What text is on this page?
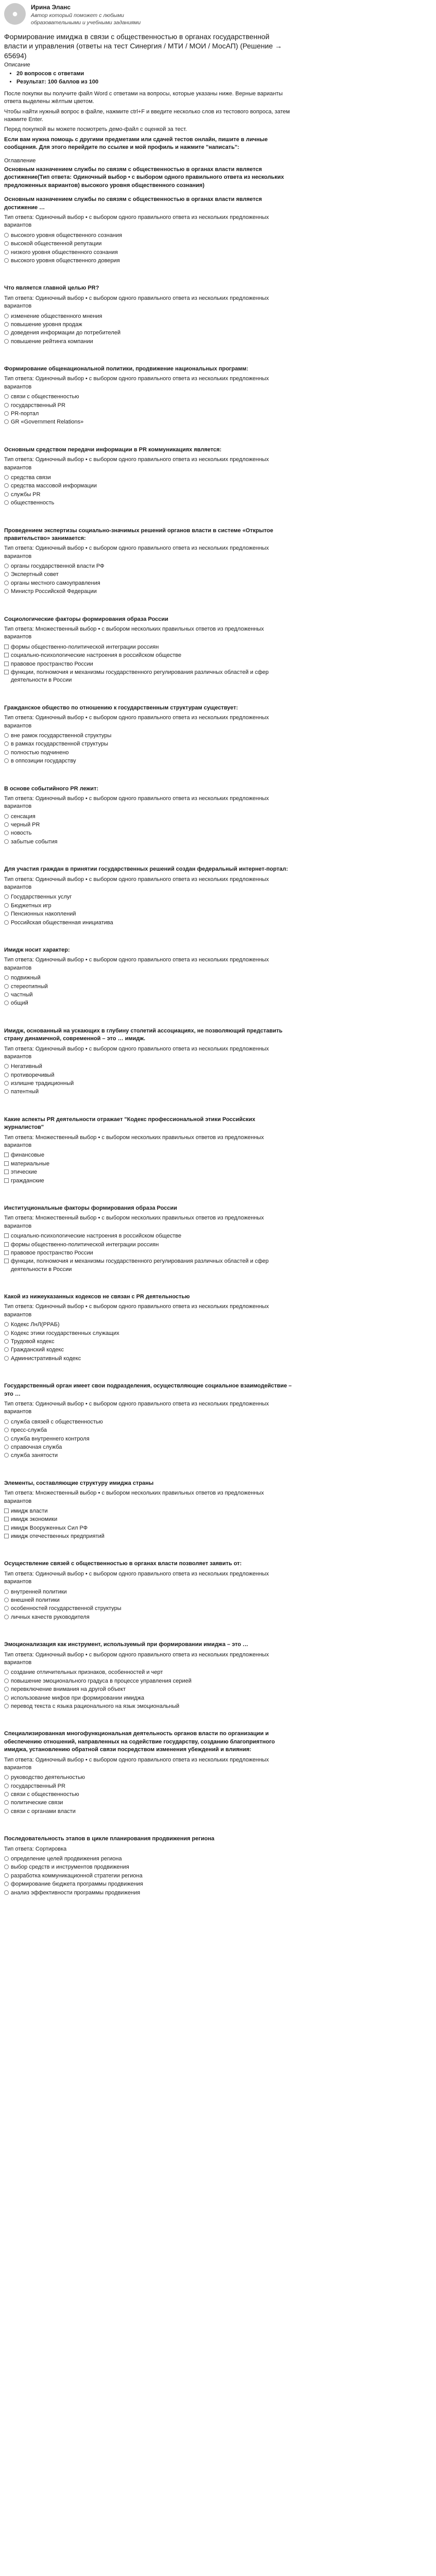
●
Ирина Эланс
Автор который поможет с любыми образовательными и учебными заданиями
Формирование имиджа в связи с общественностью в органах государственной власти и управления (ответы на тест Синергия / МТИ / МОИ / МосАП) (Решение → 65694)
Описание
• 20 вопросов с ответами
• Результат: 100 баллов из 100

После покупки вы получите файл Word с ответами на вопросы, которые указаны ниже. Верные варианты ответа выделены жёлтым цветом.

Чтобы найти нужный вопрос в файле, нажмите ctrl+F и введите несколько слов из тестового вопроса, затем нажмите Enter.

Перед покупкой вы можете посмотреть демо-файл с оценкой за тест.

Если вам нужна помощь с другими предметами или сдачей тестов онлайн, пишите в личные сообщения. Для этого перейдите по ссылке и мой профиль и нажмите "написать":

Оглавление
Основным назначением службы по связям с общественностью в органах власти является достижение(Тип ответа: Одиночный выбор • с выбором одного правильного ответа из нескольких предложенных вариантов) высокого уровня общественного сознания)
Основным назначением службы по связям с общественностью в органах власти является достижение …
Тип ответа: Одиночный выбор • с выбором одного правильного ответа из нескольких предложенных вариантов
высокого уровня общественного сознания
высокой общественной репутации
низкого уровня общественного сознания
высокого уровня общественного доверия
Что является главной целью PR?
Тип ответа: Одиночный выбор • с выбором одного правильного ответа из нескольких предложенных вариантов
изменение общественного мнения
повышение уровня продаж
доведения информации до потребителей
повышение рейтинга компании
Формирование общенациональной политики, продвижение национальных программ:
Тип ответа: Одиночный выбор • с выбором одного правильного ответа из нескольких предложенных вариантов
связи с общественностью
государственный PR
PR-портал
GR «Government Relations»
Основным средством передачи информации в PR коммуникациях является:
Тип ответа: Одиночный выбор • с выбором одного правильного ответа из нескольких предложенных вариантов
средства связи
средства массовой информации
службы PR
общественность
Проведением экспертизы социально-значимых решений органов власти в системе «Открытое правительство» занимается:
Тип ответа: Одиночный выбор • с выбором одного правильного ответа из нескольких предложенных вариантов
органы государственной власти РФ
Экспертный совет
органы местного самоуправления
Министр Российской Федерации
Социологические факторы формирования образа России
Тип ответа: Множественный выбор • с выбором нескольких правильных ответов из предложенных вариантов
формы общественно-политической интеграции россиян
социально-психологические настроения в российском обществе
правовое пространство России
функции, полномочия и механизмы государственного регулирования различных областей и сфер деятельности в России
Гражданское общество по отношению к государственным структурам существует:
Тип ответа: Одиночный выбор • с выбором одного правильного ответа из нескольких предложенных вариантов
вне рамок государственной структуры
в рамках государственной структуры
полностью подчинено
в оппозиции государству
В основе событийного PR лежит:
Тип ответа: Одиночный выбор • с выбором одного правильного ответа из нескольких предложенных вариантов
сенсация
черный PR
новость
забытые события
Для участия граждан в принятии государственных решений создан федеральный интернет-портал:
Тип ответа: Одиночный выбор • с выбором одного правильного ответа из нескольких предложенных вариантов
Государственных услуг
Бюджетных игр
Пенсионных накоплений
Российская общественная инициатива
Имидж носит характер:
Тип ответа: Одиночный выбор • с выбором одного правильного ответа из нескольких предложенных вариантов
подвижный
стереотипный
частный
общий
Имидж, основанный на ускающих в глубину столетий ассоциациях, не позволяющий представить страну динамичной, современной – это … имидж.
Тип ответа: Одиночный выбор • с выбором одного правильного ответа из нескольких предложенных вариантов
Негативный
противоречивый
излишне традиционный
патентный
Какие аспекты PR деятельности отражает "Кодекс профессиональной этики Российских журналистов"
Тип ответа: Множественный выбор • с выбором нескольких правильных ответов из предложенных вариантов
финансовые
материальные
этические
гражданские
Институциональные факторы формирования образа России
Тип ответа: Множественный выбор • с выбором нескольких правильных ответов из предложенных вариантов
социально-психологические настроения в российском обществе
формы общественно-политической интеграции россиян
правовое пространство России
функции, полномочия и механизмы государственного регулирования различных областей и сфер деятельности в России
Какой из нижеуказанных кодексов не связан с PR деятельностью
Тип ответа: Одиночный выбор • с выбором одного правильного ответа из нескольких предложенных вариантов
Кодекс ЛнЛ(РРАБ)
Кодекс этики государственных служащих
Трудовой кодекс
Гражданский кодекс
Административный кодекс
Государственный орган имеет свои подразделения, осуществляющие социальное взаимодействие – это …
Тип ответа: Одиночный выбор • с выбором одного правильного ответа из нескольких предложенных вариантов
служба связей с общественностью
пресс-служба
служба внутреннего контроля
справочная служба
служба занятости
Элементы, составляющие структуру имиджа страны
Тип ответа: Множественный выбор • с выбором нескольких правильных ответов из предложенных вариантов
имидж власти
имидж экономики
имидж Вооруженных Сил РФ
имидж отечественных предприятий
Осуществление связей с общественностью в органах власти позволяет заявить от:
Тип ответа: Одиночный выбор • с выбором одного правильного ответа из нескольких предложенных вариантов
внутренней политики
внешней политики
особенностей государственной структуры
личных качеств руководителя
Эмоционализация как инструмент, используемый при формировании имиджа – это …
Тип ответа: Одиночный выбор • с выбором одного правильного ответа из нескольких предложенных вариантов
создание отличительных признаков, особенностей и черт
повышение эмоционального градуса в процессе управления серией
перевключение внимания на другой объект
использование мифов при формировании имиджа
перевод текста с языка рационального на язык эмоциональный
Специализированная многофункциональная деятельность органов власти по организации и обеспечению отношений, направленных на содействие государству, созданию благоприятного имиджа, установлению обратной связи посредством изменения убеждений и влияния:
Тип ответа: Одиночный выбор • с выбором одного правильного ответа из нескольких предложенных вариантов
руководство деятельностью
государственный PR
связи с общественностью
политические связи
связи с органами власти
Последовательность этапов в цикле планирования продвижения региона
Тип ответа: Сортировка
определение целей продвижения региона
выбор средств и инструментов продвижения
разработка коммуникационной стратегии региона
формирование бюджета программы продвижения
анализ эффективности программы продвижения
